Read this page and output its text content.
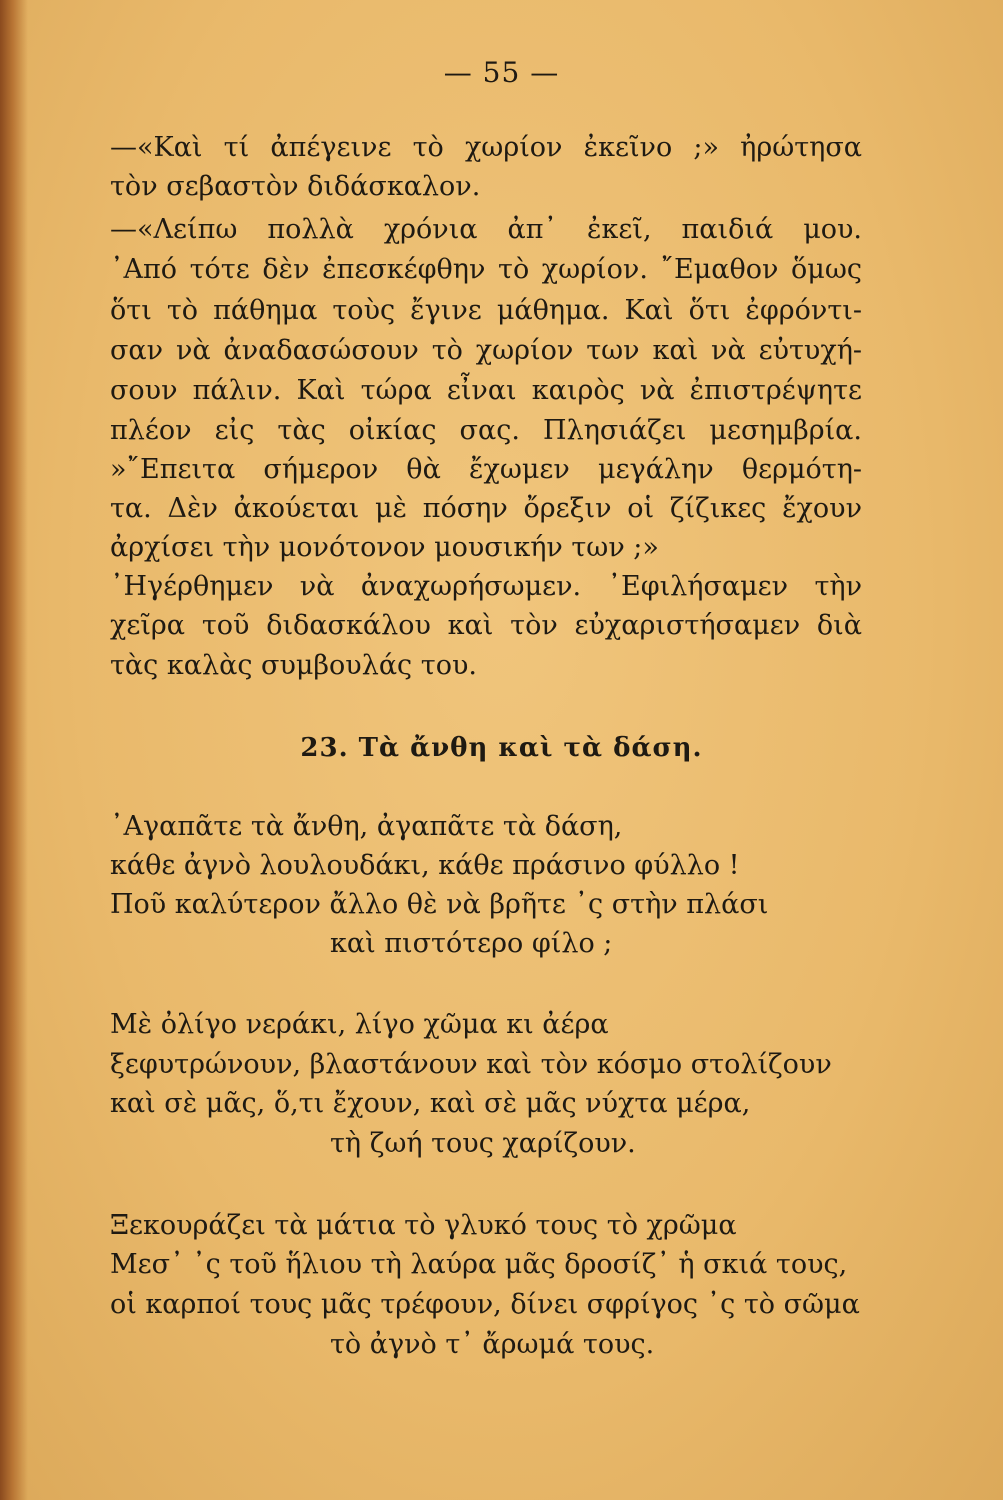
— 55 —
—«Καὶ τί ἀπέγεινε τὸ χωρίον ἐκεῖνο ;» ἠρώτησα
τὸν σεβαστὸν διδάσκαλον.
—«Λείπω πολλὰ χρόνια ἀπ᾽ ἐκεῖ, παιδιά μου.
᾽Από τότε δὲν ἐπεσκέφθην τὸ χωρίον. ῎Εμαθον ὅμως
ὅτι τὸ πάθημα τοὺς ἔγινε μάθημα. Καὶ ὅτι ἐφρόντι-
σαν νὰ ἀναδασώσουν τὸ χωρίον των καὶ νὰ εὐτυχή-
σουν πάλιν. Καὶ τώρα εἶναι καιρὸς νὰ ἐπιστρέψητε
πλέον εἰς τὰς οἰκίας σας. Πλησιάζει μεσημβρία.
»῎Επειτα σήμερον θὰ ἔχωμεν μεγάλην θερμότη-
τα. Δὲν ἀκούεται μὲ πόσην ὄρεξιν οἱ ζίζικες ἔχουν
ἀρχίσει τὴν μονότονον μουσικήν των ;»
᾽Ηγέρθημεν νὰ ἀναχωρήσωμεν. ᾽Εφιλήσαμεν τὴν
χεῖρα τοῦ διδασκάλου καὶ τὸν εὐχαριστήσαμεν διὰ
τὰς καλὰς συμβουλάς του.
23. Τὰ ἄνθη καὶ τὰ δάση.
᾽Αγαπᾶτε τὰ ἄνθη, ἀγαπᾶτε τὰ δάση,
κάθε ἀγνὸ λουλουδάκι, κάθε πράσινο φύλλο !
Ποῦ καλύτερον ἄλλο θὲ νὰ βρῆτε ᾽ς στὴν πλάσι
καὶ πιστότερο φίλο ;
Μὲ ὀλίγο νεράκι, λίγο χῶμα κι ἀέρα
ξεφυτρώνουν, βλαστάνουν καὶ τὸν κόσμο στολίζουν
καὶ σὲ μᾶς, ὅ,τι ἔχουν, καὶ σὲ μᾶς νύχτα μέρα,
τὴ ζωή τους χαρίζουν.
Ξεκουράζει τὰ μάτια τὸ γλυκό τους τὸ χρῶμα
Μεσ᾽ ᾽ς τοῦ ἥλιου τὴ λαύρα μᾶς δροσίζ᾽ ἡ σκιά τους,
οἱ καρποί τους μᾶς τρέφουν, δίνει σφρίγος ᾽ς τὸ σῶμα
τὸ ἀγνὸ τ᾽ ἄρωμά τους.
